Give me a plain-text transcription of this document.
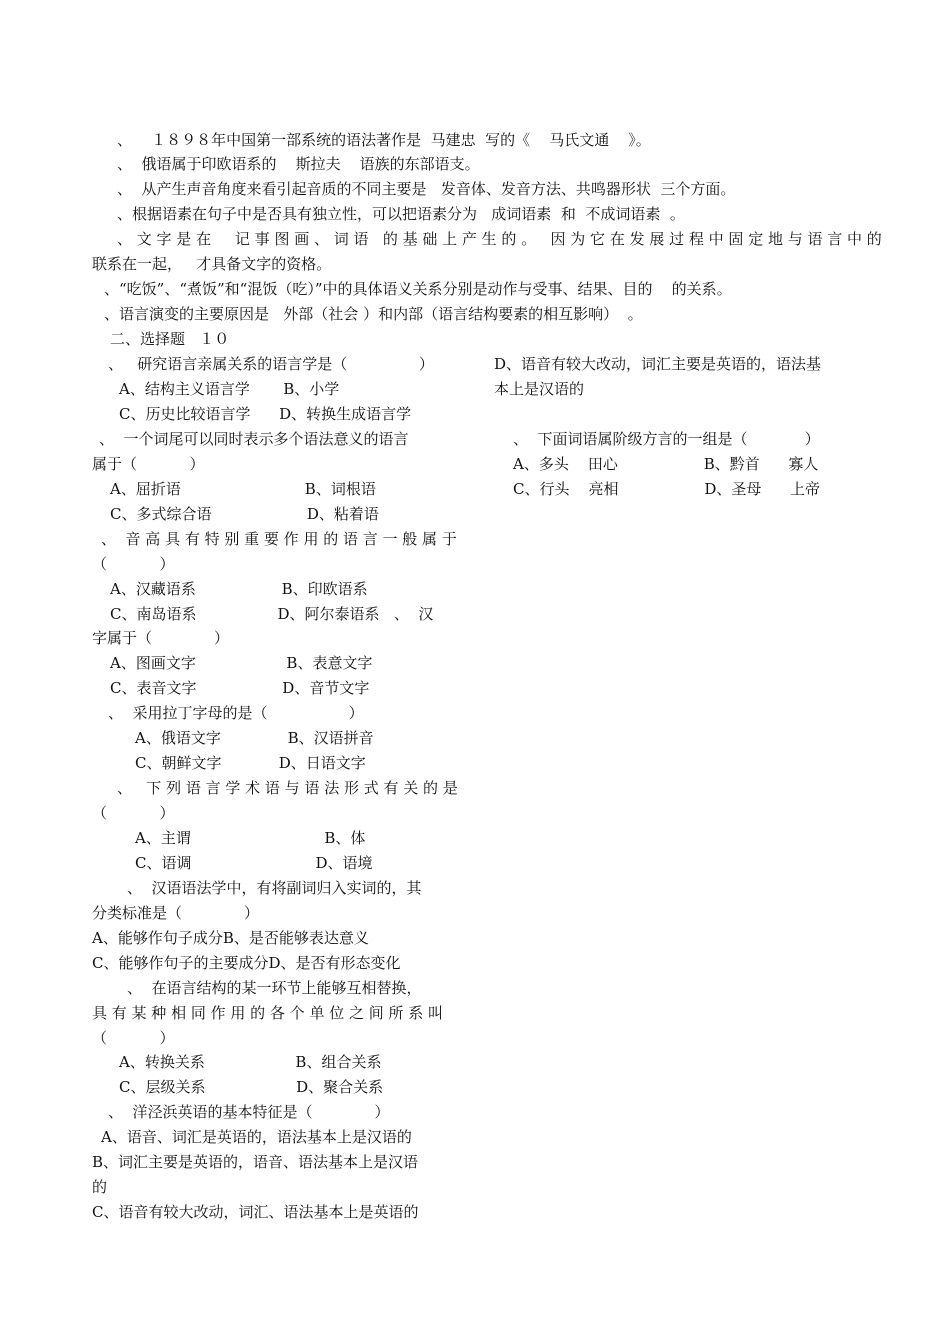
、    １８９８年中国第一部系统的语法著作是  马建忠  写的《    马氏文通    》。
、  俄语属于印欧语系的    斯拉夫    语族的东部语支。
、  从产生声音角度来看引起音质的不同主要是   发音体、发音方法、共鸣器形状  三个方面。
、根据语素在句子中是否具有独立性，可以把语素分为   成词语素  和  不成词语素  。
、 文 字 是 在     记 事 图 画 、 词 语   的 基 础 上 产 生 的 。   因 为 它 在 发 展 过 程 中 固 定 地 与 语 言 中 的
联系在一起，   才具备文字的资格。
、“吃饭”、“煮饭”和“混饭（吃）”中的具体语义关系分别是动作与受事、结果、目的    的关系。
、语言演变的主要原因是   外部（社会 ）和内部（语言结构要素的相互影响）  。
二、选择题   １０
、   研究语言亲属关系的语言学是（               ）
A、结构主义语言学       B、小学
C、历史比较语言学      D、转换生成语言学
、  一个词尾可以同时表示多个语法意义的语言
属于（           ）
A、屈折语                          B、词根语
C、多式综合语                    D、粘着语
、  音 高 具 有 特 别 重 要 作 用 的 语 言 一 般 属 于
（           ）
A、汉藏语系                  B、印欧语系
C、南岛语系                 D、阿尔泰语系   、  汉
字属于（             ）
A、图画文字                   B、表意文字
C、表音文字                  D、音节文字
、  采用拉丁字母的是（                 ）
A、俄语文字              B、汉语拼音
C、朝鲜文字            D、日语文字
、   下 列 语 言 学 术 语 与 语 法 形 式 有 关 的 是
（           ）
A、主谓                            B、体
C、语调                          D、语境
、  汉语语法学中，有将副词归入实词的，其
分类标准是（             ）
A、能够作句子成分B、是否能够表达意义
C、能够作句子的主要成分D、是否有形态变化
、  在语言结构的某一环节上能够互相替换，
具 有 某 种 相 同 作 用 的 各 个 单 位 之 间 所 系 叫
（           ）
A、转换关系                   B、组合关系
C、层级关系                   D、聚合关系
、  洋泾浜英语的基本特征是（             ）
A、语音、词汇是英语的，语法基本上是汉语的
B、词汇主要是英语的，语音、语法基本上是汉语
的
C、语音有较大改动，词汇、语法基本上是英语的
D、语音有较大改动，词汇主要是英语的，语法基
本上是汉语的
、  下面词语属阶级方言的一组是（            ）
A、多头    田心                  B、黔首      寡人
C、行头    亮相                  D、圣母      上帝
